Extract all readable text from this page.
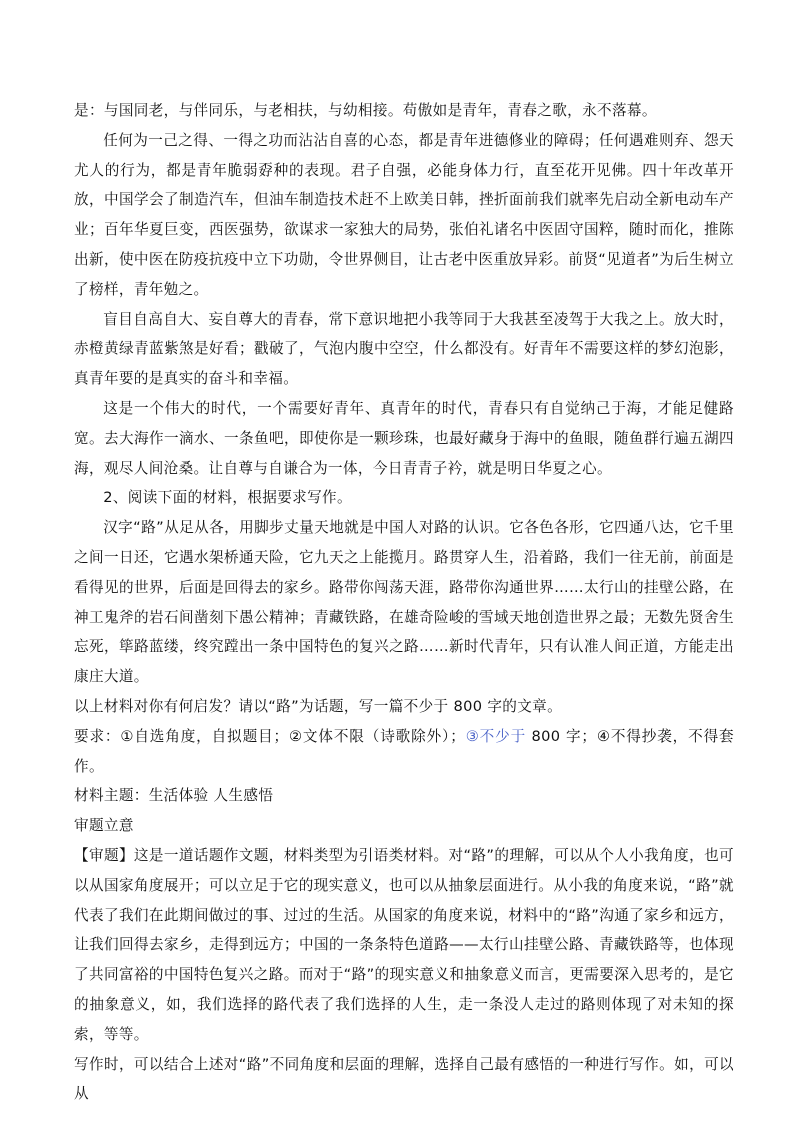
是：与国同老，与伴同乐，与老相扶，与幼相接。苟傲如是青年，青春之歌，永不落幕。

任何为一己之得、一得之功而沾沾自喜的心态，都是青年进德修业的障碍；任何遇难则弃、怨天尤人的行为，都是青年脆弱孬种的表现。君子自强，必能身体力行，直至花开见佛。四十年改革开放，中国学会了制造汽车，但油车制造技术赶不上欧美日韩，挫折面前我们就率先启动全新电动车产业；百年华夏巨变，西医强势，欲谋求一家独大的局势，张伯礼诸名中医固守国粹，随时而化，推陈出新，使中医在防疫抗疫中立下功勋，令世界侧目，让古老中医重放异彩。前贤“见道者”为后生树立了榜样，青年勉之。

盲目自高自大、妄自尊大的青春，常下意识地把小我等同于大我甚至凌驾于大我之上。放大时，赤橙黄绿青蓝紫煞是好看；戳破了，气泡内腹中空空，什么都没有。好青年不需要这样的梦幻泡影，真青年要的是真实的奋斗和幸福。

这是一个伟大的时代，一个需要好青年、真青年的时代，青春只有自觉纳己于海，才能足健路宽。去大海作一滴水、一条鱼吧，即使你是一颗珍珠，也最好藏身于海中的鱼眼，随鱼群行遍五湖四海，观尽人间沧桑。让自尊与自谦合为一体，今日青青子衿，就是明日华夏之心。

2、阅读下面的材料，根据要求写作。

汉字“路”从足从各，用脚步丈量天地就是中国人对路的认识。它各色各形，它四通八达，它千里之间一日还，它遇水架桥通天险，它九天之上能揽月。路贯穿人生，沿着路，我们一往无前，前面是看得见的世界，后面是回得去的家乡。路带你闯荡天涯，路带你沟通世界……太行山的挂壁公路，在神工鬼斧的岩石间凿刻下愚公精神；青藏铁路，在雄奇险峻的雪域天地创造世界之最；无数先贤舍生忘死，筚路蓝缕，终究蹚出一条中国特色的复兴之路……新时代青年，只有认准人间正道，方能走出康庄大道。

以上材料对你有何启发？请以“路”为话题，写一篇不少于 800 字的文章。

要求：①自选角度，自拟题目；②文体不限（诗歌除外）；③不少于 800 字；④不得抄袭，不得套作。

材料主题：生活体验 人生感悟

审题立意

【审题】这是一道话题作文题，材料类型为引语类材料。对“路”的理解，可以从个人小我角度，也可以从国家角度展开；可以立足于它的现实意义，也可以从抽象层面进行。从小我的角度来说，“路”就代表了我们在此期间做过的事、过过的生活。从国家的角度来说，材料中的“路”沟通了家乡和远方，让我们回得去家乡，走得到远方；中国的一条条特色道路——太行山挂壁公路、青藏铁路等，也体现了共同富裕的中国特色复兴之路。而对于“路”的现实意义和抽象意义而言，更需要深入思考的，是它的抽象意义，如，我们选择的路代表了我们选择的人生，走一条没人走过的路则体现了对未知的探索，等等。

写作时，可以结合上述对“路”不同角度和层面的理解，选择自己最有感悟的一种进行写作。如，可以从
